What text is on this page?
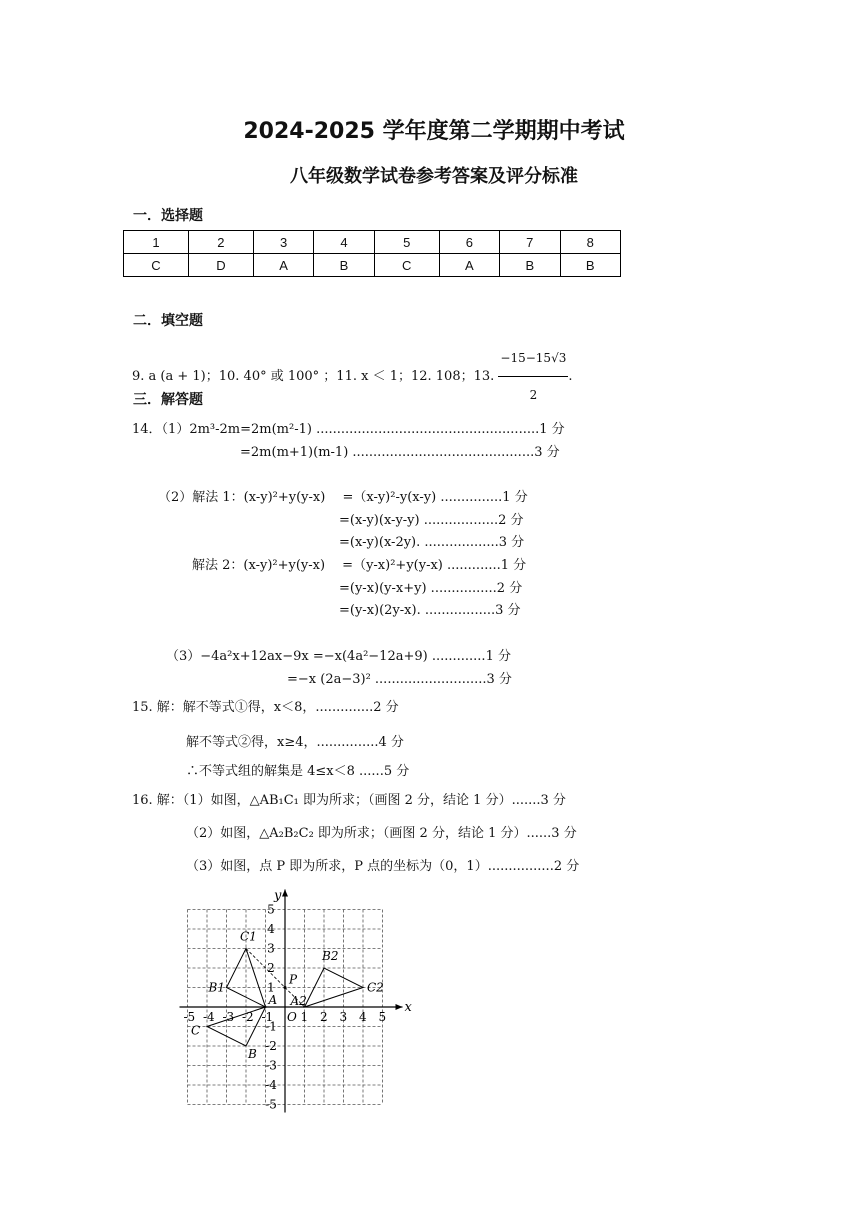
2024-2025 学年度第二学期期中考试
八年级数学试卷参考答案及评分标准
一．选择题
1	2	3	4	5	6	7	8
C	D	A	B	C	A	B	B
二．填空题
9. a (a + 1)；10. 40° 或 100° ；11. x ＜ 1；12. 108；13. $\frac{-15-15√3}{2}$ .
三．解答题
14．（1）2m³-2m=2m(m²-1) ......................................................1 分
=2m(m+1)(m-1) ............................................3 分
（2）解法 1：(x-y)²+y(y-x)　 =（x-y)²-y(x-y) ...............1 分
=(x-y)(x-y-y) ..................2 分
=(x-y)(x-2y). ..................3 分
解法 2：(x-y)²+y(y-x)　 =（y-x)²+y(y-x) .............1 分
=(y-x)(y-x+y) ................2 分
=(y-x)(2y-x). .................3 分
（3）−4a²x+12ax−9x =−x(4a²−12a+9) .............1 分
=−x (2a−3)² ...........................3 分
15. 解：解不等式①得，x＜8，..............2 分
解不等式②得，x≥4，...............4 分
∴不等式组的解集是 4≤x＜8 ......5 分
16. 解：（1）如图，△AB₁C₁ 即为所求；（画图 2 分，结论 1 分）.......3 分
（2）如图，△A₂B₂C₂ 即为所求；（画图 2 分，结论 1 分）......3 分
（3）如图，点 P 即为所求，P 点的坐标为（0，1）................2 分
x
y
-5 -4 -3 -2 -1 1 2 3 4 5
5
4
3
2
1
-1
-2
-3
-4
-5
O
A
B
C
B1
C1
A2
B2
C2
P
